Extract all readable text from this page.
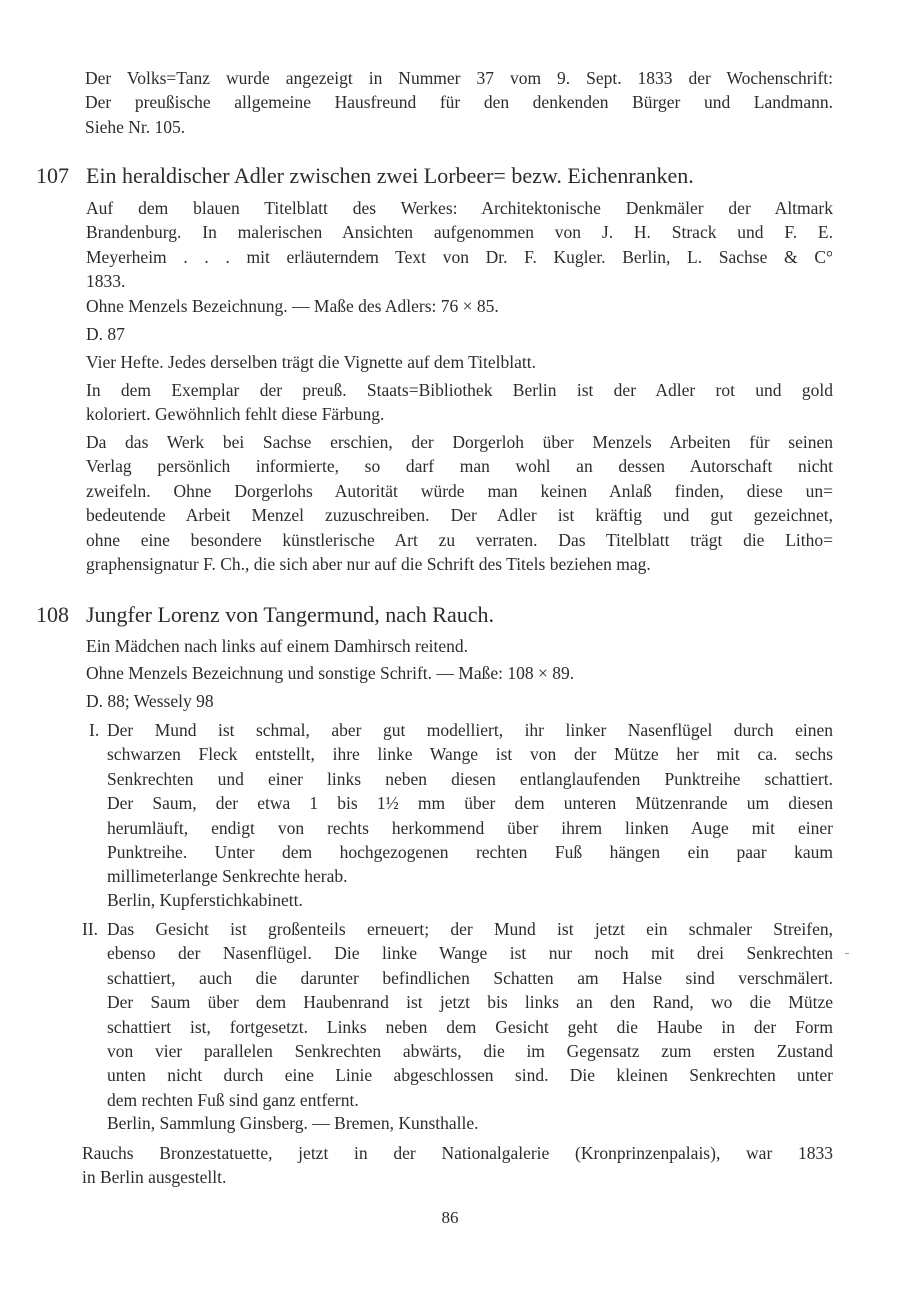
Der Volks=Tanz wurde angezeigt in Nummer 37 vom 9. Sept. 1833 der Wochenschrift:
Der preußische allgemeine Hausfreund für den denkenden Bürger und Landmann.
Siehe Nr. 105.
107 Ein heraldischer Adler zwischen zwei Lorbeer= bezw. Eichenranken.
Auf dem blauen Titelblatt des Werkes: Architektonische Denkmäler der Altmark
Brandenburg. In malerischen Ansichten aufgenommen von J. H. Strack und F. E.
Meyerheim . . . mit erläuterndem Text von Dr. F. Kugler. Berlin, L. Sachse & C°
1833.
Ohne Menzels Bezeichnung. — Maße des Adlers: 76 × 85.
D. 87
Vier Hefte. Jedes derselben trägt die Vignette auf dem Titelblatt.
In dem Exemplar der preuß. Staats=Bibliothek Berlin ist der Adler rot und gold
koloriert. Gewöhnlich fehlt diese Färbung.
Da das Werk bei Sachse erschien, der Dorgerloh über Menzels Arbeiten für seinen
Verlag persönlich informierte, so darf man wohl an dessen Autorschaft nicht
zweifeln. Ohne Dorgerlohs Autorität würde man keinen Anlaß finden, diese un=
bedeutende Arbeit Menzel zuzuschreiben. Der Adler ist kräftig und gut gezeichnet,
ohne eine besondere künstlerische Art zu verraten. Das Titelblatt trägt die Litho=
graphensignatur F. Ch., die sich aber nur auf die Schrift des Titels beziehen mag.
108 Jungfer Lorenz von Tangermund, nach Rauch.
Ein Mädchen nach links auf einem Damhirsch reitend.
Ohne Menzels Bezeichnung und sonstige Schrift. — Maße: 108 × 89.
D. 88; Wessely 98
I. Der Mund ist schmal, aber gut modelliert, ihr linker Nasenflügel durch einen
schwarzen Fleck entstellt, ihre linke Wange ist von der Mütze her mit ca. sechs
Senkrechten und einer links neben diesen entlanglaufenden Punktreihe schattiert.
Der Saum, der etwa 1 bis 1½ mm über dem unteren Mützenrande um diesen
herumläuft, endigt von rechts herkommend über ihrem linken Auge mit einer
Punktreihe. Unter dem hochgezogenen rechten Fuß hängen ein paar kaum
millimeterlange Senkrechte herab.
Berlin, Kupferstichkabinett.
II. Das Gesicht ist großenteils erneuert; der Mund ist jetzt ein schmaler Streifen,
ebenso der Nasenflügel. Die linke Wange ist nur noch mit drei Senkrechten
schattiert, auch die darunter befindlichen Schatten am Halse sind verschmälert.
Der Saum über dem Haubenrand ist jetzt bis links an den Rand, wo die Mütze
schattiert ist, fortgesetzt. Links neben dem Gesicht geht die Haube in der Form
von vier parallelen Senkrechten abwärts, die im Gegensatz zum ersten Zustand
unten nicht durch eine Linie abgeschlossen sind. Die kleinen Senkrechten unter
dem rechten Fuß sind ganz entfernt.
Berlin, Sammlung Ginsberg. — Bremen, Kunsthalle.
Rauchs Bronzestatuette, jetzt in der Nationalgalerie (Kronprinzenpalais), war 1833
in Berlin ausgestellt.
86
